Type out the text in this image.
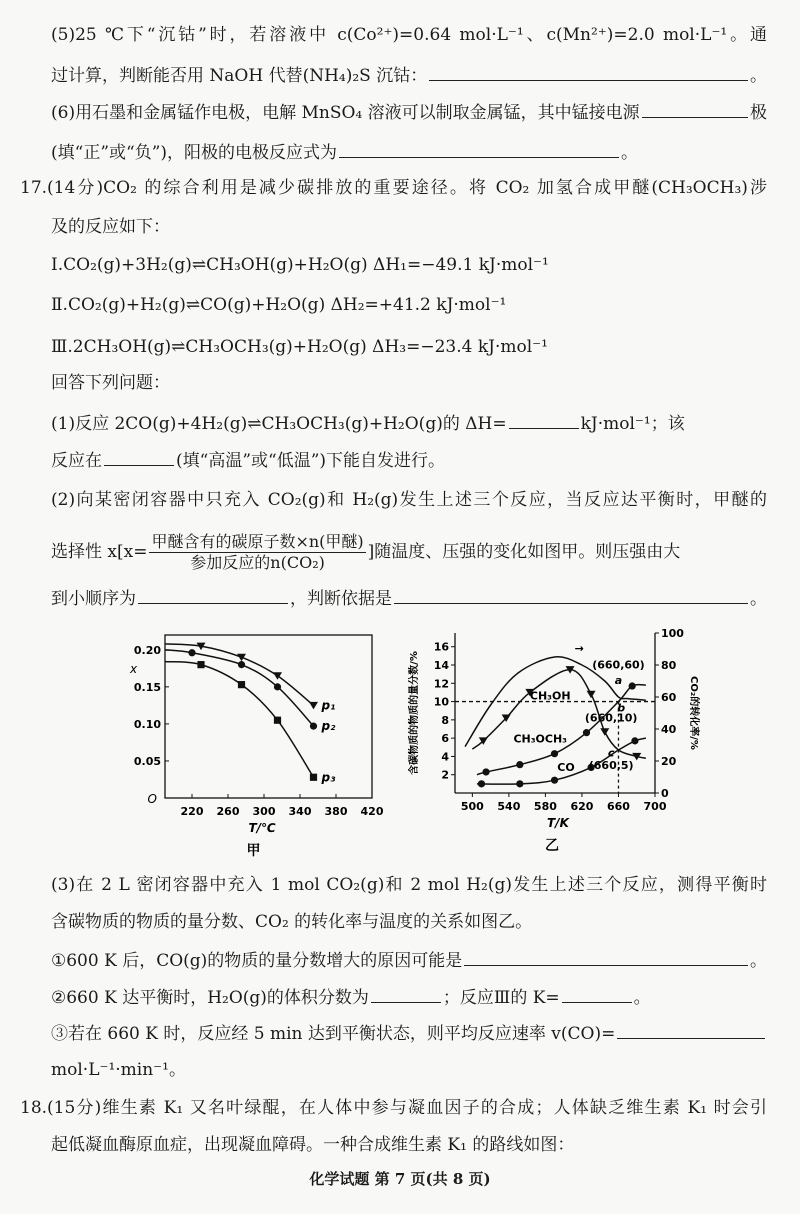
(5)25 ℃下“沉钴”时，若溶液中 c(Co²⁺)=0.64 mol·L⁻¹、c(Mn²⁺)=2.0 mol·L⁻¹。通
过计算，判断能否用 NaOH 代替(NH₄)₂S 沉钴：	。
(6)用石墨和金属锰作电极，电解 MnSO₄ 溶液可以制取金属锰，其中锰接电源	极
(填“正”或“负”)，阳极的电极反应式为	。
17.(14分)CO₂ 的综合利用是减少碳排放的重要途径。将 CO₂ 加氢合成甲醚(CH₃OCH₃)涉
及的反应如下：
Ⅰ.CO₂(g)+3H₂(g)⇌CH₃OH(g)+H₂O(g) ΔH₁=−49.1 kJ·mol⁻¹
Ⅱ.CO₂(g)+H₂(g)⇌CO(g)+H₂O(g) ΔH₂=+41.2 kJ·mol⁻¹
Ⅲ.2CH₃OH(g)⇌CH₃OCH₃(g)+H₂O(g) ΔH₃=−23.4 kJ·mol⁻¹
回答下列问题：
(1)反应 2CO(g)+4H₂(g)⇌CH₃OCH₃(g)+H₂O(g)的 ΔH=	kJ·mol⁻¹；该
反应在	(填“高温”或“低温”)下能自发进行。
(2)向某密闭容器中只充入 CO₂(g)和 H₂(g)发生上述三个反应，当反应达平衡时，甲醚的
选择性 $x[x= \frac{\text{甲醚含有的碳原子数×n(甲醚)}}{\text{参加反应的n(CO₂)}}$ ]随温度、压强的变化如图甲。则压强由大
到小顺序为	，判断依据是	。
(3)在 2 L 密闭容器中充入 1 mol CO₂(g)和 2 mol H₂(g)发生上述三个反应，测得平衡时
含碳物质的物质的量分数、CO₂ 的转化率与温度的关系如图乙。
①600 K 后，CO(g)的物质的量分数增大的原因可能是	。
②660 K 达平衡时，H₂O(g)的体积分数为	；反应Ⅲ的 K=	。
③若在 660 K 时，反应经 5 min 达到平衡状态，则平均反应速率 v(CO)=
mol·L⁻¹·min⁻¹。
18.(15分)维生素 K₁ 又名叶绿醌，在人体中参与凝血因子的合成；人体缺乏维生素 K₁ 时会引
起低凝血酶原血症，出现凝血障碍。一种合成维生素 K₁ 的路线如图：
220 260 300 340 380 420
0.05
0.10
0.15
0.20
O
x
T/℃
甲
p₁
p₂
p₃
500 540 580 620 660 700
2
4
6
8
10
12
14
16
0
20
40
60
80
100
含碳物质的物质的量分数/%	CO₂的转化率/%
T/K
乙
CH₃OH
CH₃OCH₃
CO
(660,60)
a
b
(660,10)
c
(660,5)
→
化学试题 第 7 页(共 8 页)
